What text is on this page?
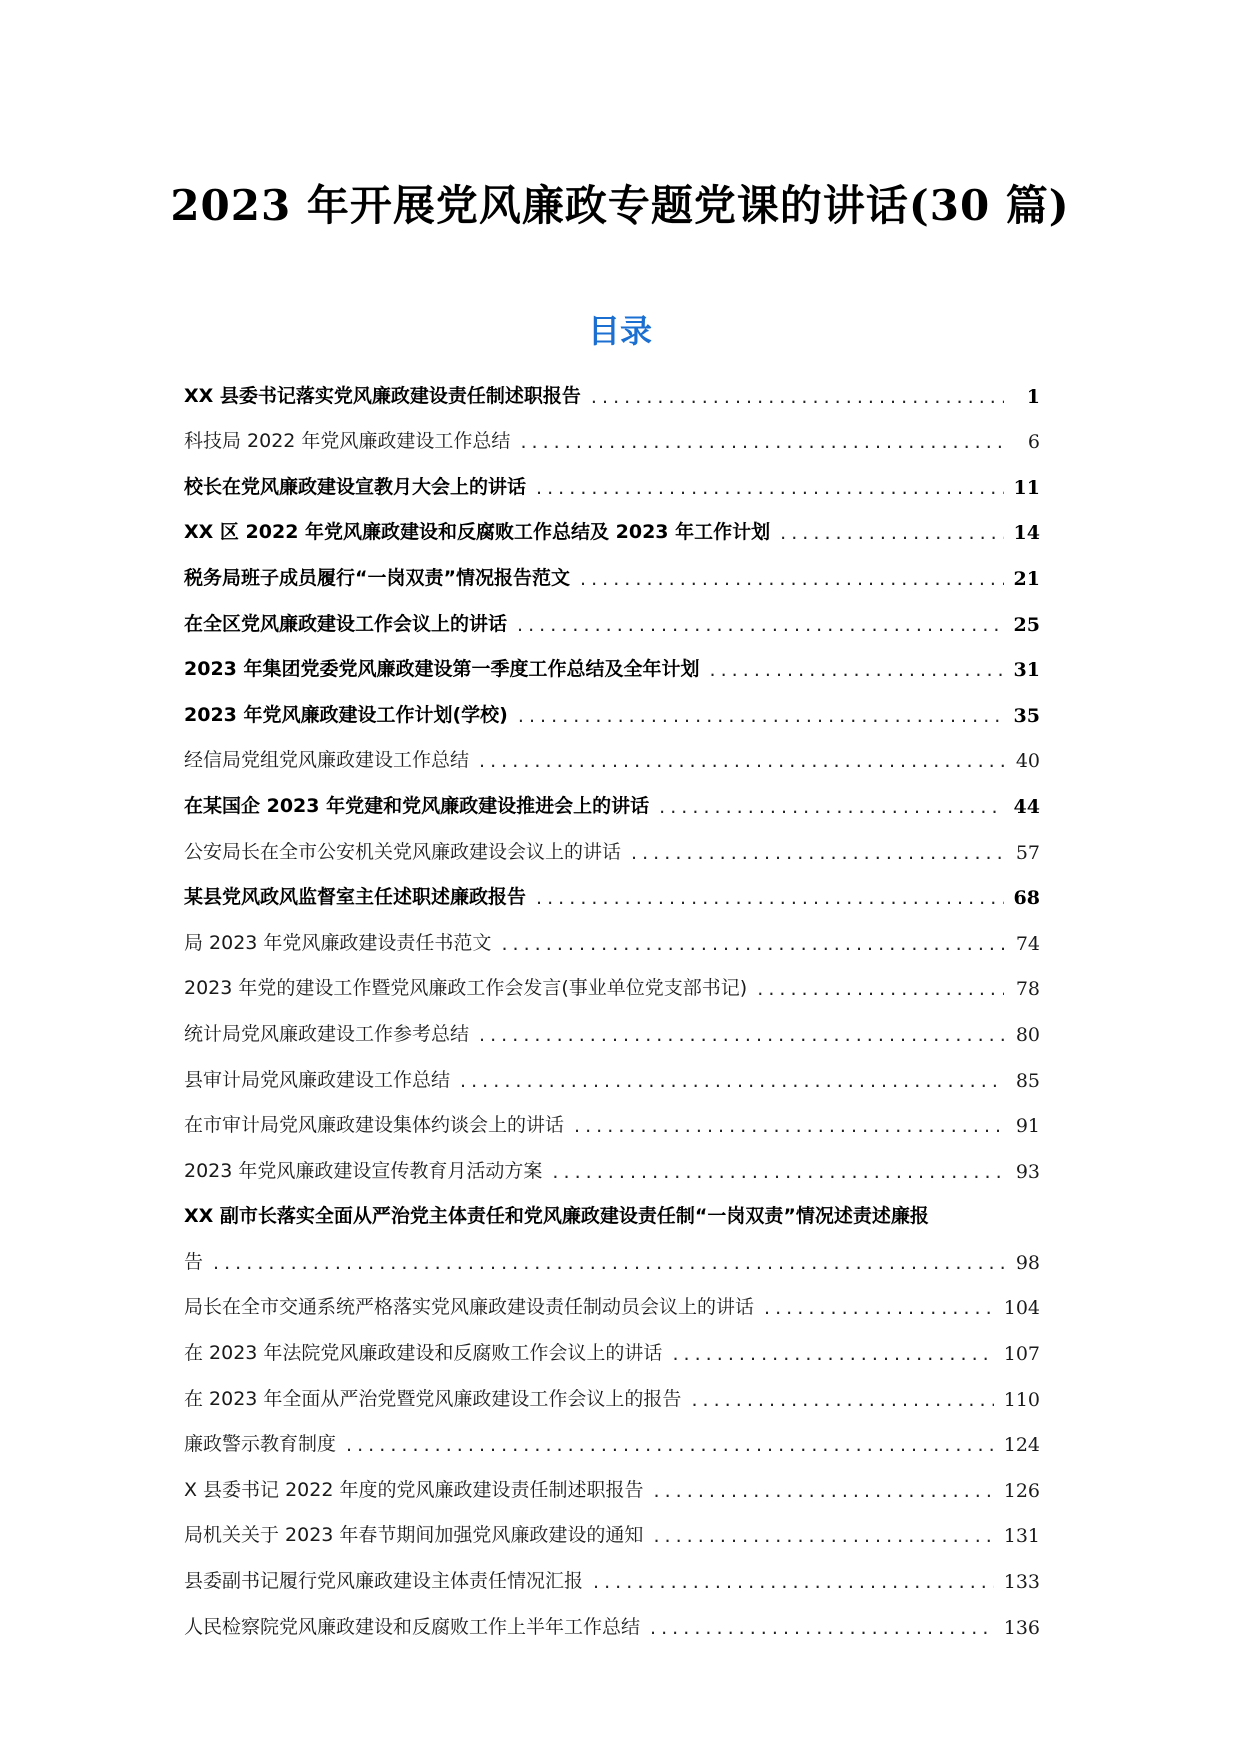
2023 年开展党风廉政专题党课的讲话(30 篇)
目录
XX 县委书记落实党风廉政建设责任制述职报告 . . .	1
科技局 2022 年党风廉政建设工作总结 . . .	6
校长在党风廉政建设宣教月大会上的讲话 . . .	11
XX 区 2022 年党风廉政建设和反腐败工作总结及 2023 年工作计划 . . .	14
税务局班子成员履行“一岗双责”情况报告范文 . . .	21
在全区党风廉政建设工作会议上的讲话 . . .	25
2023 年集团党委党风廉政建设第一季度工作总结及全年计划 . . .	31
2023 年党风廉政建设工作计划(学校) . . .	35
经信局党组党风廉政建设工作总结 . . .	40
在某国企 2023 年党建和党风廉政建设推进会上的讲话 . . .	44
公安局长在全市公安机关党风廉政建设会议上的讲话 . . .	57
某县党风政风监督室主任述职述廉政报告 . . .	68
局 2023 年党风廉政建设责任书范文 . . .	74
2023 年党的建设工作暨党风廉政工作会发言(事业单位党支部书记) . . .	78
统计局党风廉政建设工作参考总结 . . .	80
县审计局党风廉政建设工作总结 . . .	85
在市审计局党风廉政建设集体约谈会上的讲话 . . .	91
2023 年党风廉政建设宣传教育月活动方案 . . .	93
XX 副市长落实全面从严治党主体责任和党风廉政建设责任制“一岗双责”情况述责述廉报
告 . . .	98
局长在全市交通系统严格落实党风廉政建设责任制动员会议上的讲话 . . .	104
在 2023 年法院党风廉政建设和反腐败工作会议上的讲话 . . .	107
在 2023 年全面从严治党暨党风廉政建设工作会议上的报告 . . .	110
廉政警示教育制度 . . .	124
X 县委书记 2022 年度的党风廉政建设责任制述职报告 . . .	126
局机关关于 2023 年春节期间加强党风廉政建设的通知 . . .	131
县委副书记履行党风廉政建设主体责任情况汇报 . . .	133
人民检察院党风廉政建设和反腐败工作上半年工作总结 . . .	136
